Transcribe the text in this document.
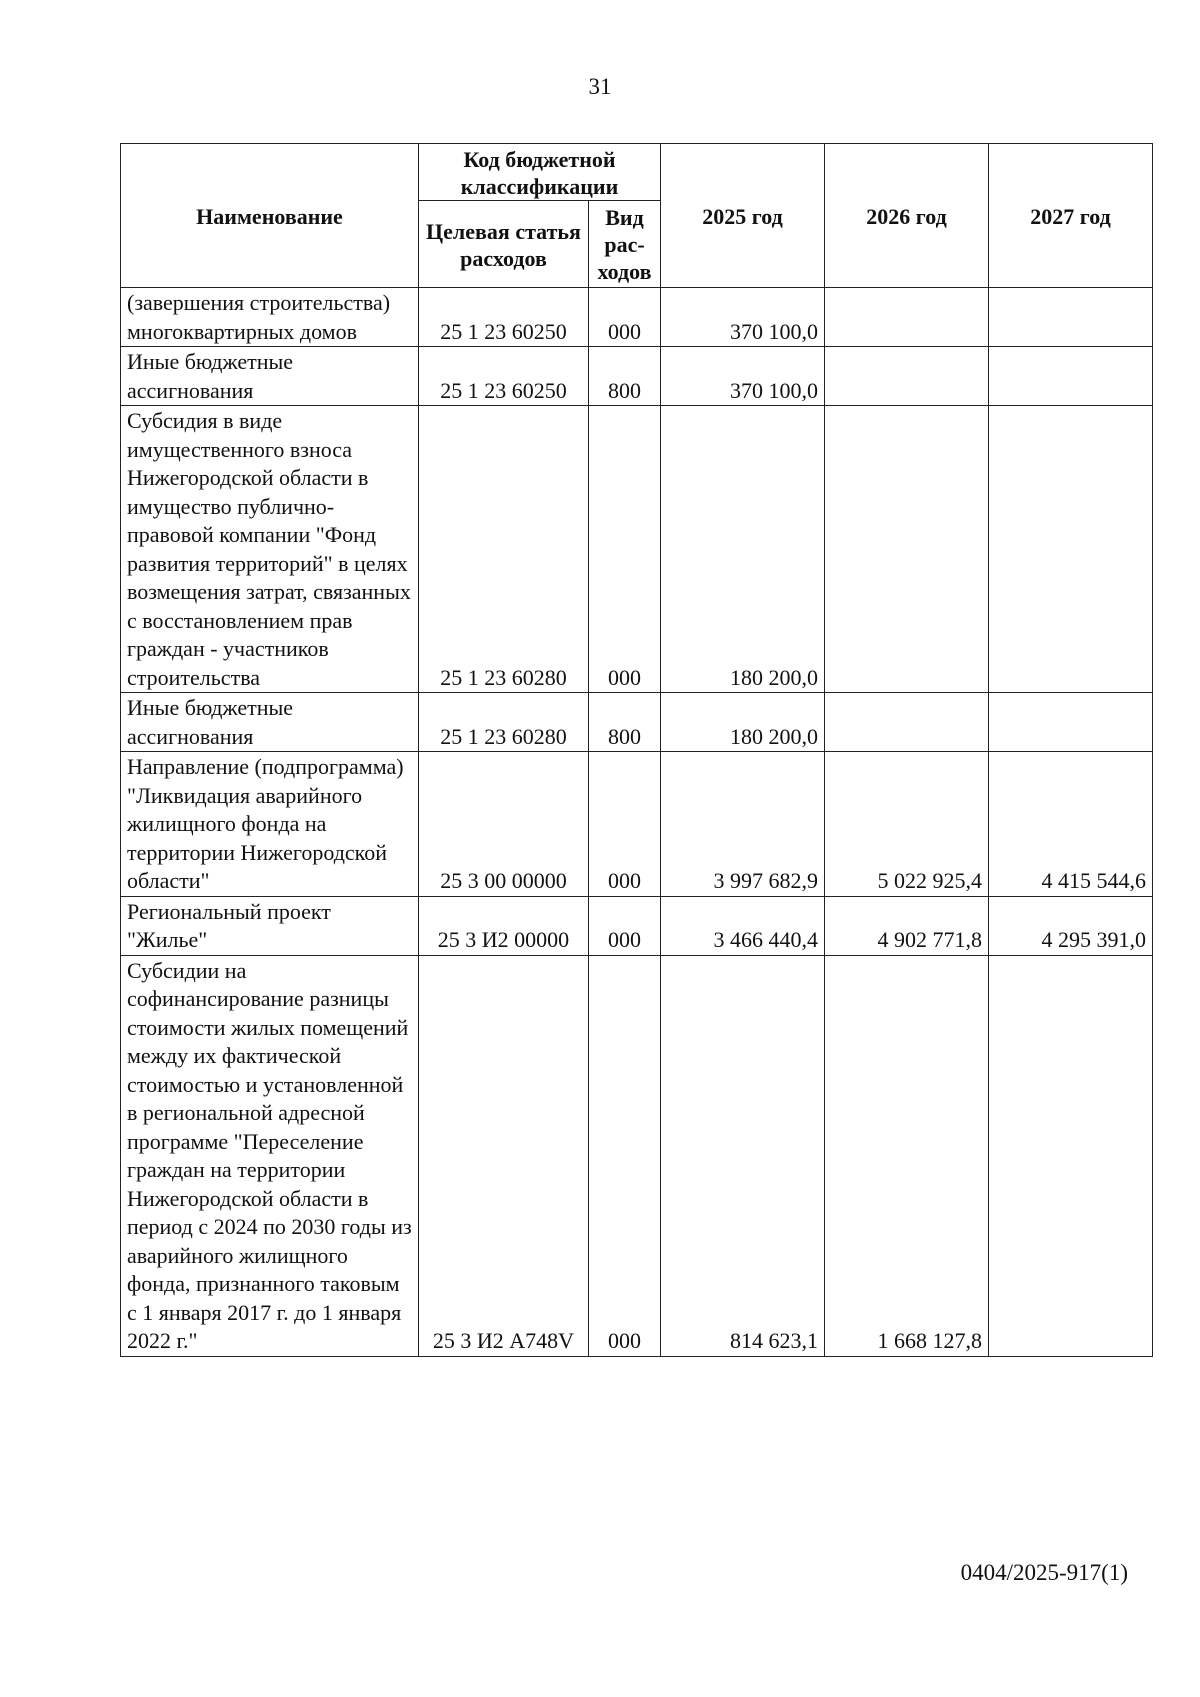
31
Наименование	Код бюджетной классификации		2025 год	2026 год	2027 год
	Целевая статья расходов	Вид рас-ходов			
(завершения строительства) многоквартирных домов	25 1 23 60250	000	370 100,0		
Иные бюджетные ассигнования	25 1 23 60250	800	370 100,0		
Субсидия в виде имущественного взноса Нижегородской области в имущество публично-правовой компании "Фонд развития территорий" в целях возмещения затрат, связанных с восстановлением прав граждан - участников строительства	25 1 23 60280	000	180 200,0		
Иные бюджетные ассигнования	25 1 23 60280	800	180 200,0		
Направление (подпрограмма) "Ликвидация аварийного жилищного фонда на территории Нижегородской области"	25 3 00 00000	000	3 997 682,9	5 022 925,4	4 415 544,6
Региональный проект "Жилье"	25 3 И2 00000	000	3 466 440,4	4 902 771,8	4 295 391,0
Субсидии на софинансирование разницы стоимости жилых помещений между их фактической стоимостью и установленной в региональной адресной программе "Переселение граждан на территории Нижегородской области в период с 2024 по 2030 годы из аварийного жилищного фонда, признанного таковым с 1 января 2017 г. до 1 января 2022 г."	25 3 И2 А748V	000	814 623,1	1 668 127,8	
0404/2025-917(1)
